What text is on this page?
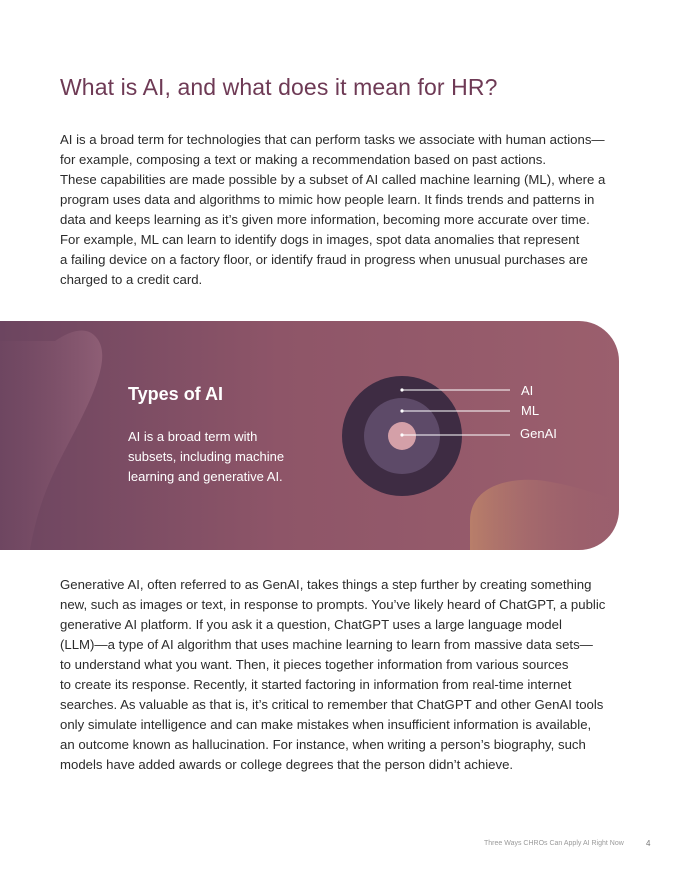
What is AI, and what does it mean for HR?

AI is a broad term for technologies that can perform tasks we associate with human actions—
for example, composing a text or making a recommendation based on past actions.
These capabilities are made possible by a subset of AI called machine learning (ML), where a
program uses data and algorithms to mimic how people learn. It finds trends and patterns in
data and keeps learning as it’s given more information, becoming more accurate over time.
For example, ML can learn to identify dogs in images, spot data anomalies that represent
a failing device on a factory floor, or identify fraud in progress when unusual purchases are
charged to a credit card.

Types of AI

AI is a broad term with
subsets, including machine
learning and generative AI.

AI
ML
GenAI

Generative AI, often referred to as GenAI, takes things a step further by creating something
new, such as images or text, in response to prompts. You’ve likely heard of ChatGPT, a public
generative AI platform. If you ask it a question, ChatGPT uses a large language model
(LLM)—a type of AI algorithm that uses machine learning to learn from massive data sets—
to understand what you want. Then, it pieces together information from various sources
to create its response. Recently, it started factoring in information from real-time internet
searches. As valuable as that is, it’s critical to remember that ChatGPT and other GenAI tools
only simulate intelligence and can make mistakes when insufficient information is available,
an outcome known as hallucination. For instance, when writing a person’s biography, such
models have added awards or college degrees that the person didn’t achieve.

Three Ways CHROs Can Apply AI Right Now	4
